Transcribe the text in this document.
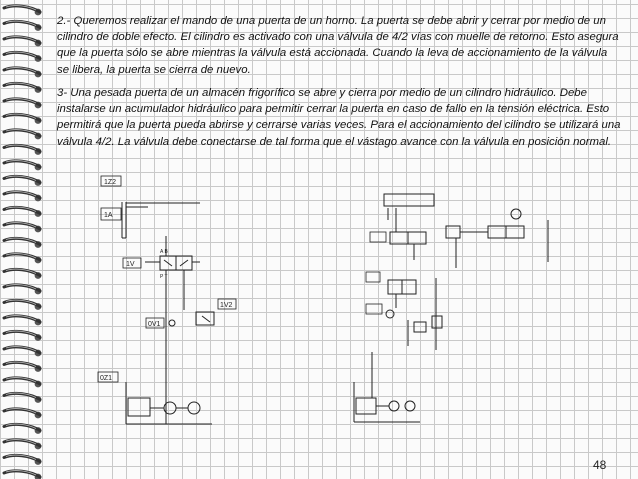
2.- Queremos realizar el mando de una puerta de un horno. La puerta se debe abrir y cerrar por medio de un cilindro de doble efecto. El cilindro es activado con una válvula de 4/2 vías con muelle de retorno. Esto asegura que la puerta sólo se abre mientras la válvula está accionada. Cuando la leva de accionamiento de la válvula se libera, la puerta se cierra de nuevo.
3- Una pesada puerta de un almacén frigorífico se abre y cierra por medio de un cilindro hidráulico. Debe instalarse un acumulador hidráulico para permitir cerrar la puerta en caso de fallo en la tensión eléctrica. Esto permitirá que la puerta pueda abrirse y cerrarse varias veces. Para el accionamiento del cilindro se utilizará una válvula 4/2. La válvula debe conectarse de tal forma que el vástago avance con la válvula en posición normal.
1Z2
1A
1V
A B
P T
0V1
1V2
0Z1
48
